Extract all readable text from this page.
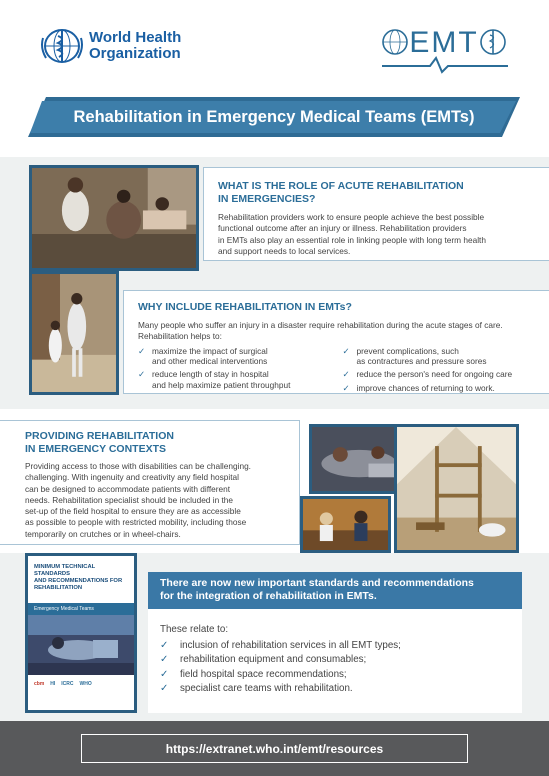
World Health
Organization	EMT
Rehabilitation in Emergency Medical Teams (EMTs)
WHAT IS THE ROLE OF ACUTE REHABILITATION
IN EMERGENCIES?
Rehabilitation providers work to ensure people achieve the best possible
functional outcome after an injury or illness. Rehabilitation providers
in EMTs also play an essential role in linking people with long term health
and support needs to local services.
WHY INCLUDE REHABILITATION IN EMTs?
Many people who suffer an injury in a disaster require rehabilitation during the acute stages of care.
Rehabilitation helps to:
✓ maximize the impact of surgical
and other medical interventions
✓ reduce length of stay in hospital
and help maximize patient throughput
✓ prevent complications, such
as contractures and pressure sores
✓ reduce the person's need for ongoing care
✓ improve chances of returning to work.
PROVIDING REHABILITATION
IN EMERGENCY CONTEXTS
Providing access to those with disabilities can be challenging.
challenging. With ingenuity and creativity any field hospital
can be designed to accommodate patients with different
needs. Rehabilitation specialist should be included in the
set-up of the field hospital to ensure they are as accessible
as possible to people with restricted mobility, including those
temporarily on crutches or in wheel-chairs.
MINIMUM TECHNICAL STANDARDS
AND RECOMMENDATIONS FOR
REHABILITATION
Emergency Medical Teams
cbm HI ICRC WHO
There are now new important standards and recommendations
for the integration of rehabilitation in EMTs.
These relate to:
✓	inclusion of rehabilitation services in all EMT types;
✓	rehabilitation equipment and consumables;
✓	field hospital space recommendations;
✓	specialist care teams with rehabilitation.
https://extranet.who.int/emt/resources
